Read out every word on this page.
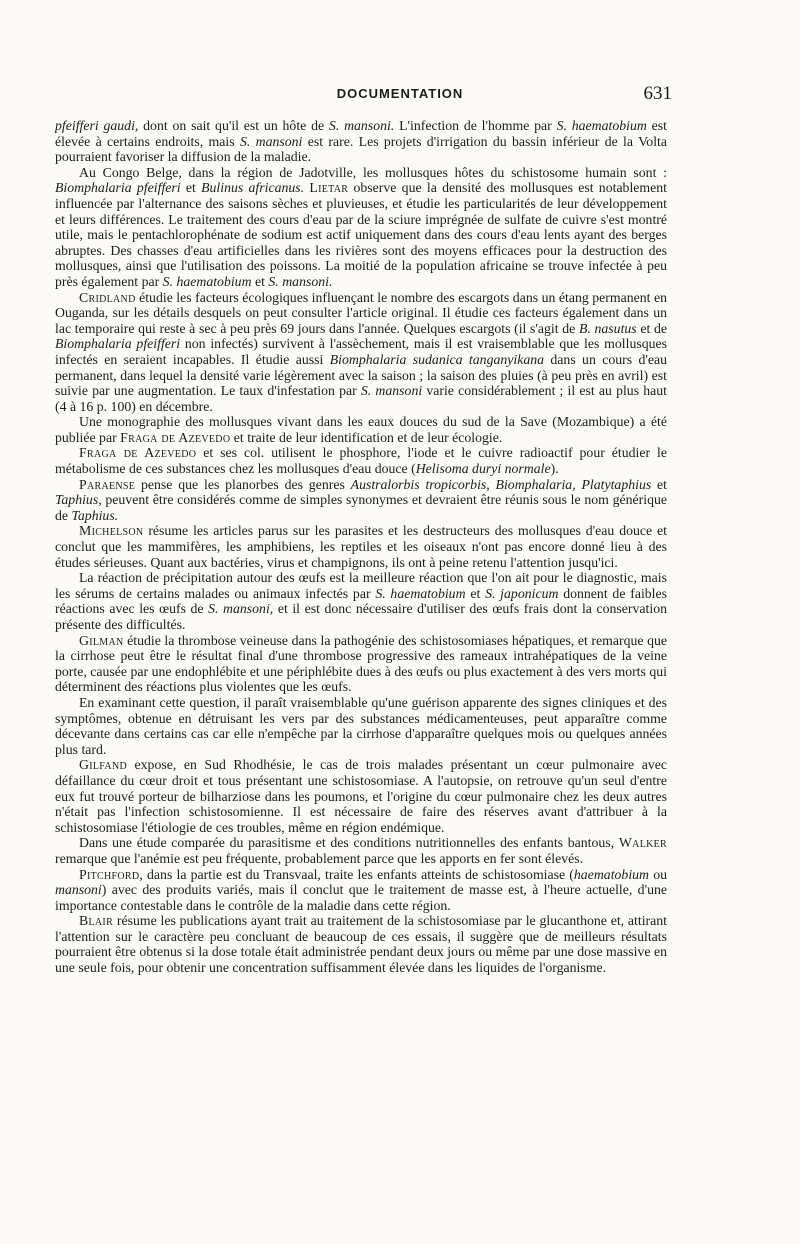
DOCUMENTATION	631

pfeifferi gaudi, dont on sait qu'il est un hôte de S. mansoni. L'infection de l'homme par S. haematobium est élevée à certains endroits, mais S. mansoni est rare. Les projets d'irrigation du bassin inférieur de la Volta pourraient favoriser la diffusion de la maladie.

Au Congo Belge, dans la région de Jadotville, les mollusques hôtes du schistosome humain sont : Biomphalaria pfeifferi et Bulinus africanus. Lietar observe que la densité des mollusques est notablement influencée par l'alternance des saisons sèches et pluvieuses, et étudie les particularités de leur développement et leurs différences. Le traitement des cours d'eau par de la sciure imprégnée de sulfate de cuivre s'est montré utile, mais le pentachlorophénate de sodium est actif uniquement dans des cours d'eau lents ayant des berges abruptes. Des chasses d'eau artificielles dans les rivières sont des moyens efficaces pour la destruction des mollusques, ainsi que l'utilisation des poissons. La moitié de la population africaine se trouve infectée à peu près également par S. haematobium et S. mansoni.

Cridland étudie les facteurs écologiques influençant le nombre des escargots dans un étang permanent en Ouganda, sur les détails desquels on peut consulter l'article original. Il étudie ces facteurs également dans un lac temporaire qui reste à sec à peu près 69 jours dans l'année. Quelques escargots (il s'agit de B. nasutus et de Biomphalaria pfeifferi non infectés) survivent à l'assèchement, mais il est vraisemblable que les mollusques infectés en seraient incapables. Il étudie aussi Biomphalaria sudanica tanganyikana dans un cours d'eau permanent, dans lequel la densité varie légèrement avec la saison ; la saison des pluies (à peu près en avril) est suivie par une augmentation. Le taux d'infestation par S. mansoni varie considérablement ; il est au plus haut (4 à 16 p. 100) en décembre.

Une monographie des mollusques vivant dans les eaux douces du sud de la Save (Mozambique) a été publiée par Fraga de Azevedo et traite de leur identification et de leur écologie.

Fraga de Azevedo et ses col. utilisent le phosphore, l'iode et le cuivre radioactif pour étudier le métabolisme de ces substances chez les mollusques d'eau douce (Helisoma duryi normale).

Paraense pense que les planorbes des genres Australorbis tropicorbis, Biomphalaria, Platytaphius et Taphius, peuvent être considérés comme de simples synonymes et devraient être réunis sous le nom générique de Taphius.

Michelson résume les articles parus sur les parasites et les destructeurs des mollusques d'eau douce et conclut que les mammifères, les amphibiens, les reptiles et les oiseaux n'ont pas encore donné lieu à des études sérieuses. Quant aux bactéries, virus et champignons, ils ont à peine retenu l'attention jusqu'ici.

La réaction de précipitation autour des œufs est la meilleure réaction que l'on ait pour le diagnostic, mais les sérums de certains malades ou animaux infectés par S. haematobium et S. japonicum donnent de faibles réactions avec les œufs de S. mansoni, et il est donc nécessaire d'utiliser des œufs frais dont la conservation présente des difficultés.

Gilman étudie la thrombose veineuse dans la pathogénie des schistosomiases hépatiques, et remarque que la cirrhose peut être le résultat final d'une thrombose progressive des rameaux intrahépatiques de la veine porte, causée par une endophlébite et une périphlébite dues à des œufs ou plus exactement à des vers morts qui déterminent des réactions plus violentes que les œufs.

En examinant cette question, il paraît vraisemblable qu'une guérison apparente des signes cliniques et des symptômes, obtenue en détruisant les vers par des substances médicamenteuses, peut apparaître comme décevante dans certains cas car elle n'empêche par la cirrhose d'apparaître quelques mois ou quelques années plus tard.

Gilfand expose, en Sud Rhodhésie, le cas de trois malades présentant un cœur pulmonaire avec défaillance du cœur droit et tous présentant une schistosomiase. A l'autopsie, on retrouve qu'un seul d'entre eux fut trouvé porteur de bilharziose dans les poumons, et l'origine du cœur pulmonaire chez les deux autres n'était pas l'infection schistosomienne. Il est nécessaire de faire des réserves avant d'attribuer à la schistosomiase l'étiologie de ces troubles, même en région endémique.

Dans une étude comparée du parasitisme et des conditions nutritionnelles des enfants bantous, Walker remarque que l'anémie est peu fréquente, probablement parce que les apports en fer sont élevés.

Pitchford, dans la partie est du Transvaal, traite les enfants atteints de schistosomiase (haematobium ou mansoni) avec des produits variés, mais il conclut que le traitement de masse est, à l'heure actuelle, d'une importance contestable dans le contrôle de la maladie dans cette région.

Blair résume les publications ayant trait au traitement de la schistosomiase par le glucanthone et, attirant l'attention sur le caractère peu concluant de beaucoup de ces essais, il suggère que de meilleurs résultats pourraient être obtenus si la dose totale était administrée pendant deux jours ou même par une dose massive en une seule fois, pour obtenir une concentration suffisamment élevée dans les liquides de l'organisme.
